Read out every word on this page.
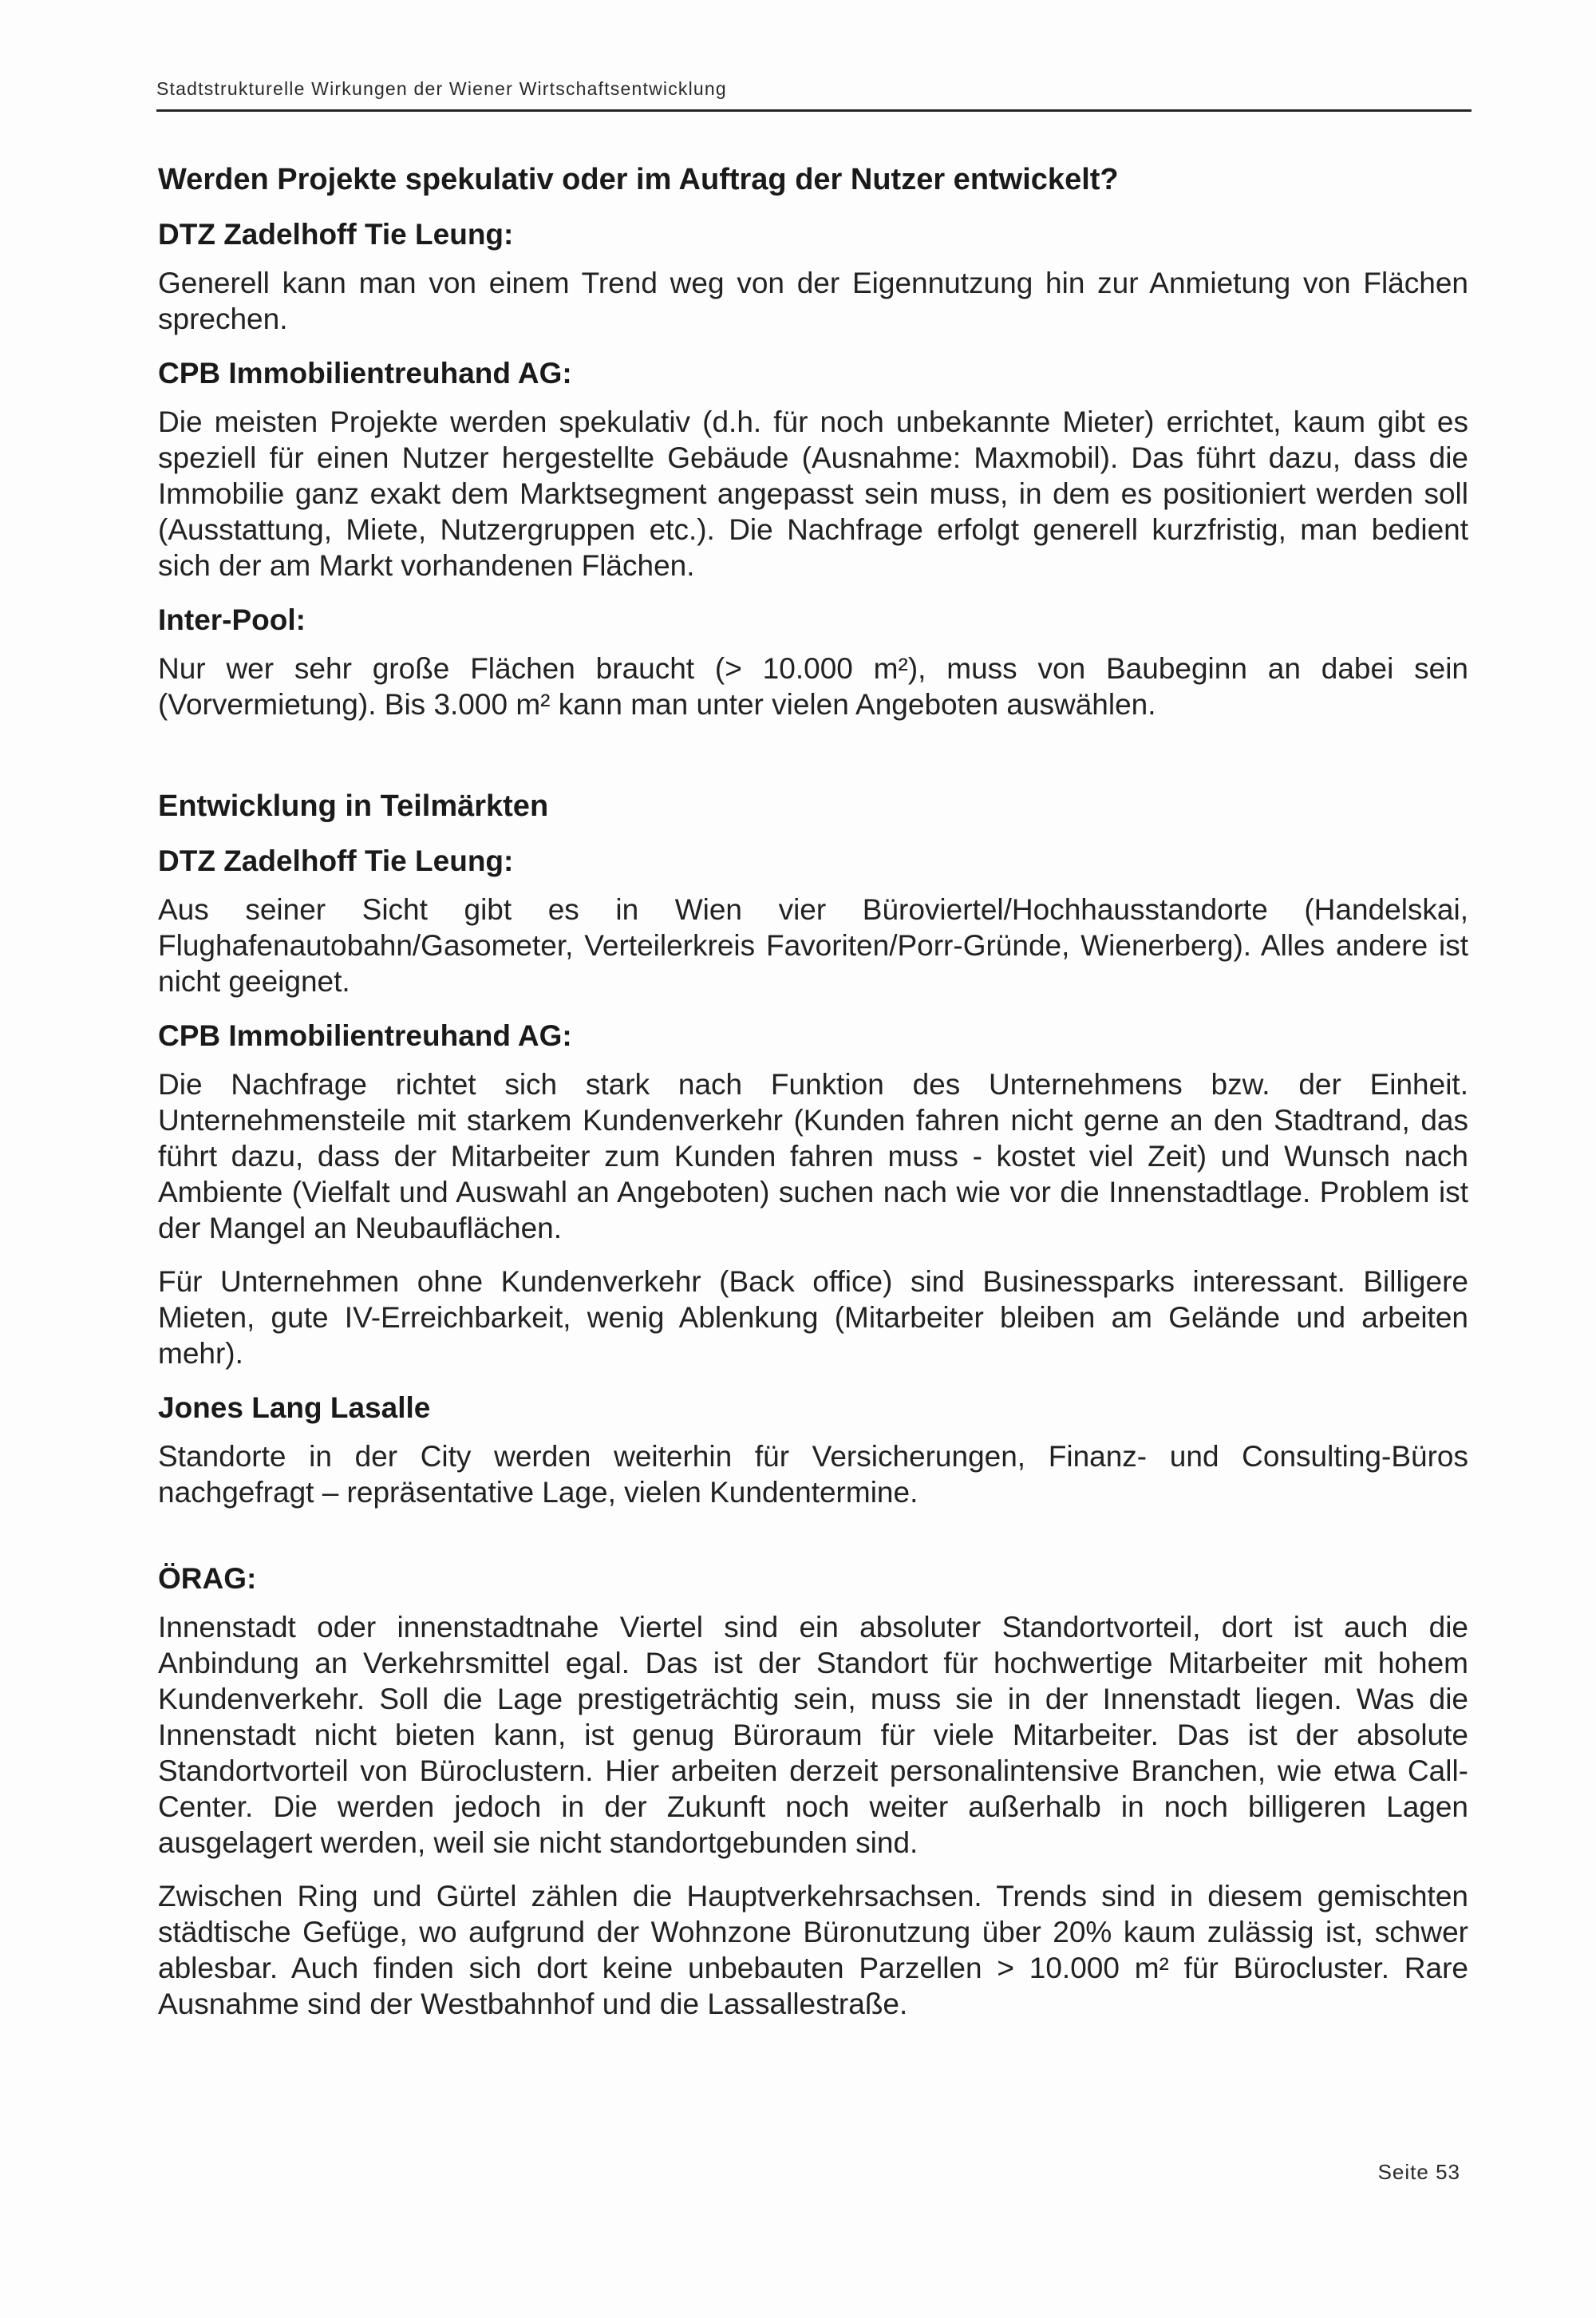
Stadtstrukturelle Wirkungen der Wiener Wirtschaftsentwicklung
Werden Projekte spekulativ oder im Auftrag der Nutzer entwickelt?
DTZ Zadelhoff Tie Leung:

Generell kann man von einem Trend weg von der Eigennutzung hin zur Anmietung von Flächen sprechen.

CPB Immobilientreuhand AG:

Die meisten Projekte werden spekulativ (d.h. für noch unbekannte Mieter) errichtet, kaum gibt es speziell für einen Nutzer hergestellte Gebäude (Ausnahme: Maxmobil). Das führt dazu, dass die Immobilie ganz exakt dem Marktsegment angepasst sein muss, in dem es positioniert werden soll (Ausstattung, Miete, Nutzergruppen etc.). Die Nachfrage erfolgt generell kurzfristig, man bedient sich der am Markt vorhandenen Flächen.

Inter-Pool:

Nur wer sehr große Flächen braucht (> 10.000 m²), muss von Baubeginn an dabei sein (Vorvermietung). Bis 3.000 m² kann man unter vielen Angeboten auswählen.

Entwicklung in Teilmärkten
DTZ Zadelhoff Tie Leung:

Aus seiner Sicht gibt es in Wien vier Büroviertel/Hochhausstandorte (Handelskai, Flughafenautobahn/Gasometer, Verteilerkreis Favoriten/Porr-Gründe, Wienerberg). Alles andere ist nicht geeignet.

CPB Immobilientreuhand AG:

Die Nachfrage richtet sich stark nach Funktion des Unternehmens bzw. der Einheit. Unternehmensteile mit starkem Kundenverkehr (Kunden fahren nicht gerne an den Stadtrand, das führt dazu, dass der Mitarbeiter zum Kunden fahren muss - kostet viel Zeit) und Wunsch nach Ambiente (Vielfalt und Auswahl an Angeboten) suchen nach wie vor die Innenstadtlage. Problem ist der Mangel an Neubauflächen.

Für Unternehmen ohne Kundenverkehr (Back office) sind Businessparks interessant. Billigere Mieten, gute IV-Erreichbarkeit, wenig Ablenkung (Mitarbeiter bleiben am Gelände und arbeiten mehr).

Jones Lang Lasalle

Standorte in der City werden weiterhin für Versicherungen, Finanz- und Consulting-Büros nachgefragt – repräsentative Lage, vielen Kundentermine.

ÖRAG:

Innenstadt oder innenstadtnahe Viertel sind ein absoluter Standortvorteil, dort ist auch die Anbindung an Verkehrsmittel egal. Das ist der Standort für hochwertige Mitarbeiter mit hohem Kundenverkehr. Soll die Lage prestigeträchtig sein, muss sie in der Innenstadt liegen. Was die Innenstadt nicht bieten kann, ist genug Büroraum für viele Mitarbeiter. Das ist der absolute Standortvorteil von Büroclustern. Hier arbeiten derzeit personalintensive Branchen, wie etwa Call-Center. Die werden jedoch in der Zukunft noch weiter außerhalb in noch billigeren Lagen ausgelagert werden, weil sie nicht standortgebunden sind.

Zwischen Ring und Gürtel zählen die Hauptverkehrsachsen. Trends sind in diesem gemischten städtische Gefüge, wo aufgrund der Wohnzone Büronutzung über 20% kaum zulässig ist, schwer ablesbar. Auch finden sich dort keine unbebauten Parzellen > 10.000 m² für Bürocluster. Rare Ausnahme sind der Westbahnhof und die Lassallestraße.

Seite 53
